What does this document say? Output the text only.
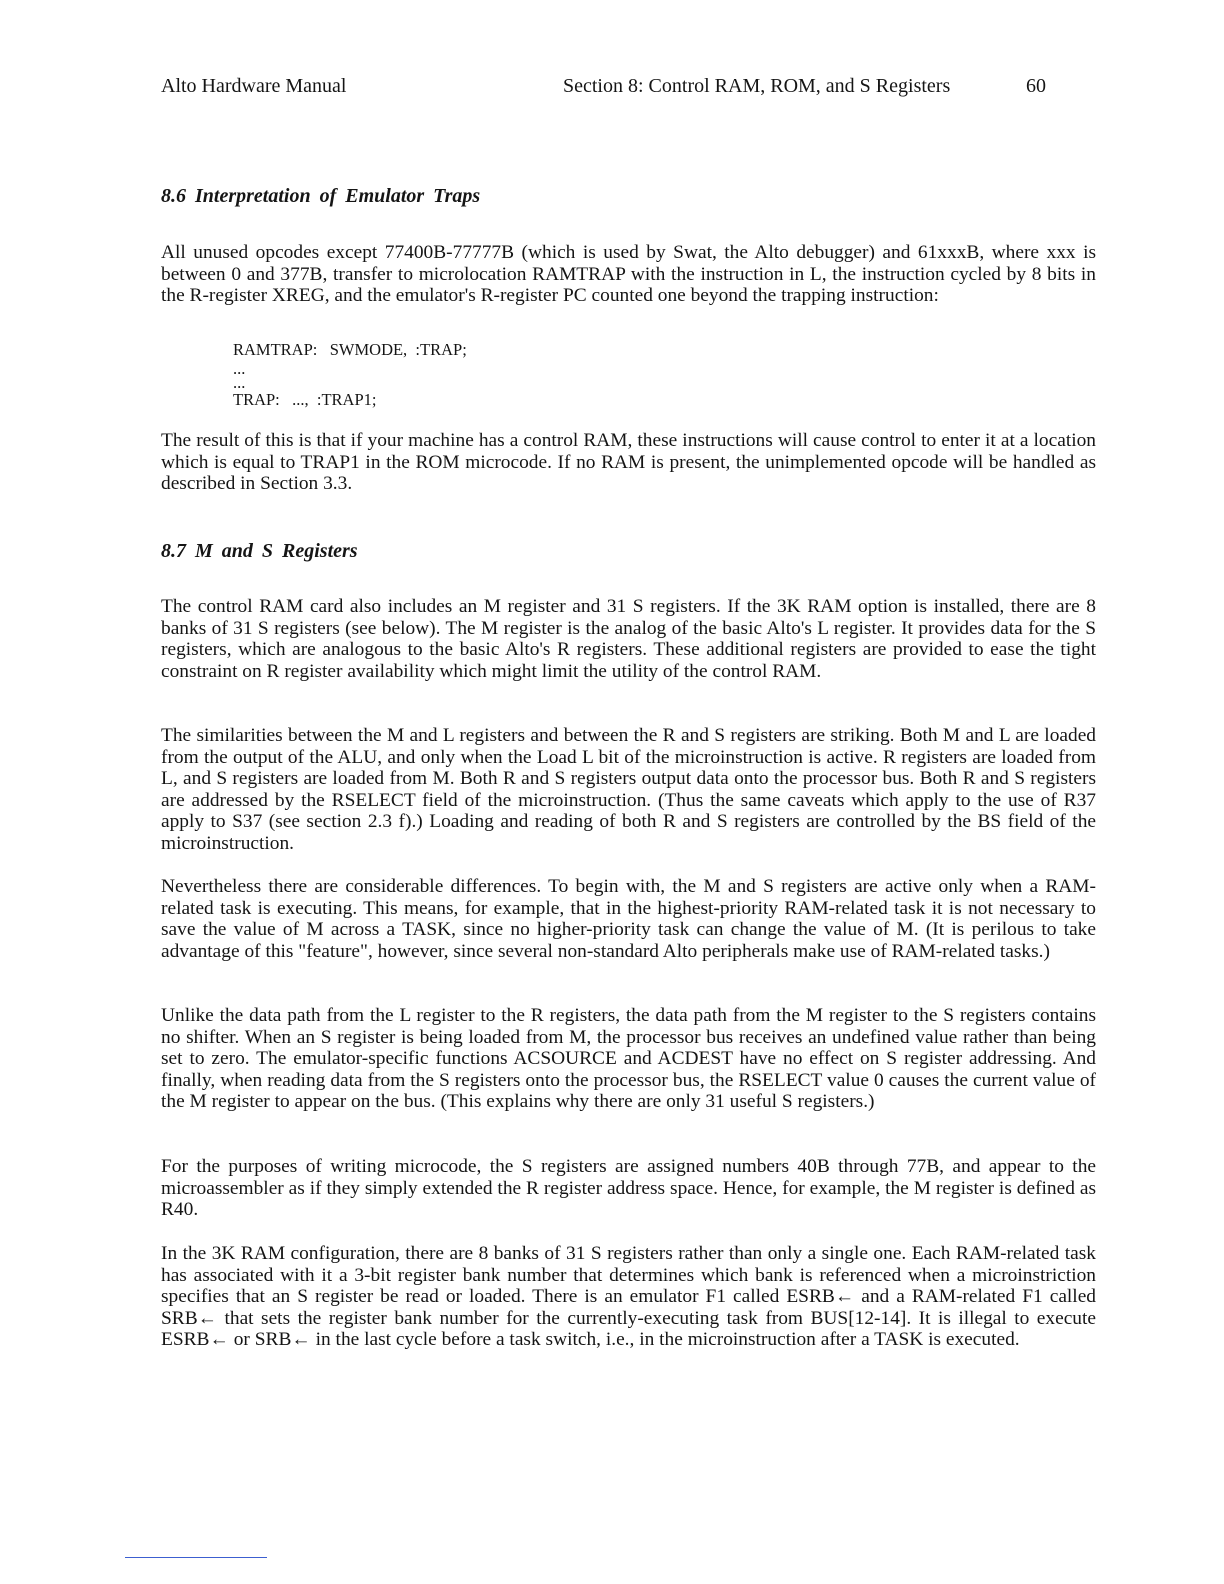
Alto Hardware Manual	Section 8: Control RAM, ROM, and S Registers	60
8.6 Interpretation of Emulator Traps

All unused opcodes except 77400B-77777B (which is used by Swat, the Alto debugger) and 61xxxB, where xxx is between 0 and 377B, transfer to microlocation RAMTRAP with the instruction in L, the instruction cycled by 8 bits in the R-register XREG, and the emulator's R-register PC counted one beyond the trapping instruction:

RAMTRAP:   SWMODE,  :TRAP;
...
...
TRAP:   ...,  :TRAP1;

The result of this is that if your machine has a control RAM, these instructions will cause control to enter it at a location which is equal to TRAP1 in the ROM microcode. If no RAM is present, the unimplemented opcode will be handled as described in Section 3.3.

8.7 M and S Registers

The control RAM card also includes an M register and 31 S registers. If the 3K RAM option is installed, there are 8 banks of 31 S registers (see below). The M register is the analog of the basic Alto's L register. It provides data for the S registers, which are analogous to the basic Alto's R registers. These additional registers are provided to ease the tight constraint on R register availability which might limit the utility of the control RAM.

The similarities between the M and L registers and between the R and S registers are striking. Both M and L are loaded from the output of the ALU, and only when the Load L bit of the microinstruction is active. R registers are loaded from L, and S registers are loaded from M. Both R and S registers output data onto the processor bus. Both R and S registers are addressed by the RSELECT field of the microinstruction. (Thus the same caveats which apply to the use of R37 apply to S37 (see section 2.3 f).) Loading and reading of both R and S registers are controlled by the BS field of the microinstruction.

Nevertheless there are considerable differences. To begin with, the M and S registers are active only when a RAM-related task is executing. This means, for example, that in the highest-priority RAM-related task it is not necessary to save the value of M across a TASK, since no higher-priority task can change the value of M. (It is perilous to take advantage of this "feature", however, since several non-standard Alto peripherals make use of RAM-related tasks.)

Unlike the data path from the L register to the R registers, the data path from the M register to the S registers contains no shifter. When an S register is being loaded from M, the processor bus receives an undefined value rather than being set to zero. The emulator-specific functions ACSOURCE and ACDEST have no effect on S register addressing. And finally, when reading data from the S registers onto the processor bus, the RSELECT value 0 causes the current value of the M register to appear on the bus. (This explains why there are only 31 useful S registers.)

For the purposes of writing microcode, the S registers are assigned numbers 40B through 77B, and appear to the microassembler as if they simply extended the R register address space. Hence, for example, the M register is defined as R40.

In the 3K RAM configuration, there are 8 banks of 31 S registers rather than only a single one. Each RAM-related task has associated with it a 3-bit register bank number that determines which bank is referenced when a microinstriction specifies that an S register be read or loaded. There is an emulator F1 called ESRB← and a RAM-related F1 called SRB← that sets the register bank number for the currently-executing task from BUS[12-14]. It is illegal to execute ESRB← or SRB← in the last cycle before a task switch, i.e., in the microinstruction after a TASK is executed.
